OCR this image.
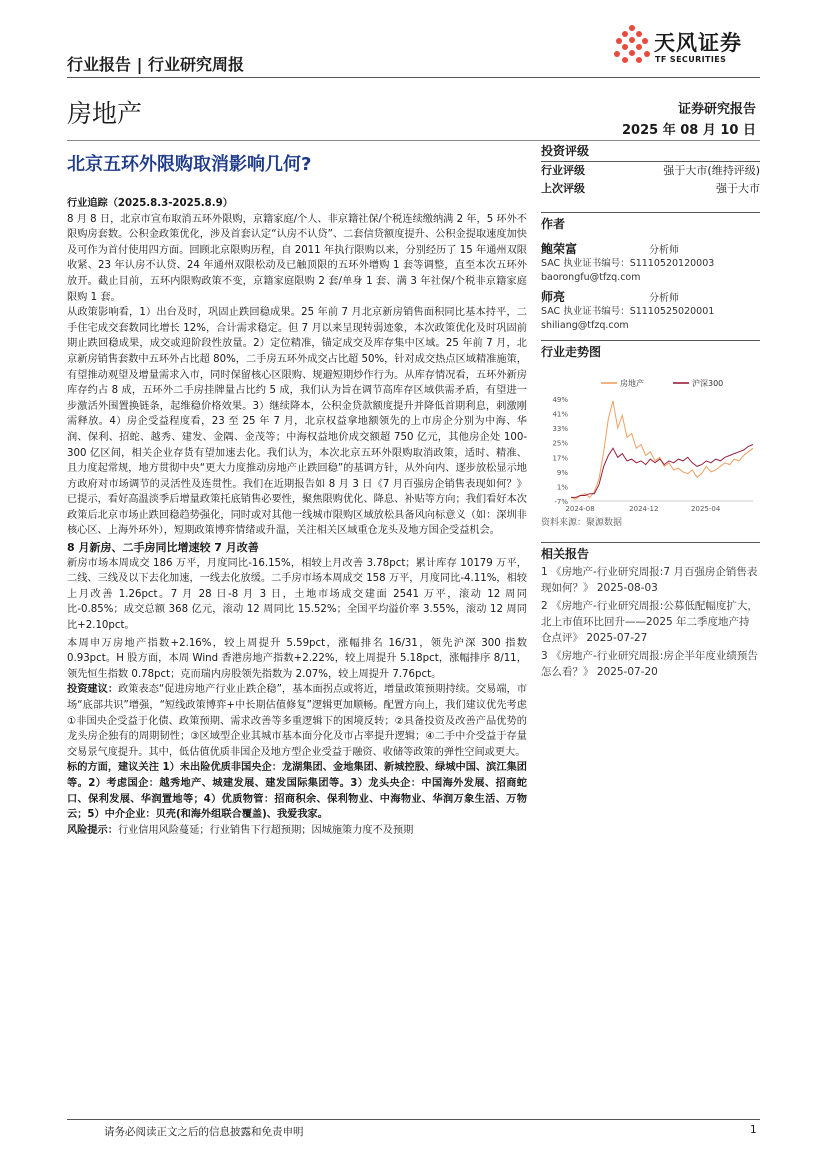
行业报告 | 行业研究周报
天风证券
TF SECURITIES
房地产	证券研究报告
2025 年 08 月 10 日
北京五环外限购取消影响几何?

行业追踪（2025.8.3-2025.8.9）

8 月 8 日，北京市宣布取消五环外限购，京籍家庭/个人、非京籍社保/个税连续缴纳满 2 年，5 环外不限购房套数。公积金政策优化，涉及首套认定“认房不认贷”、二套信贷额度提升、公积金提取速度加快及可作为首付使用四方面。回顾北京限购历程，自 2011 年执行限购以来，分别经历了 15 年通州双限收紧、23 年认房不认贷、24 年通州双限松动及已触顶限的五环外增购 1 套等调整，直至本次五环外放开。截止目前，五环内限购政策不变，京籍家庭限购 2 套/单身 1 套、满 3 年社保/个税非京籍家庭限购 1 套。

从政策影响看，1）出台及时，巩固止跌回稳成果。25 年前 7 月北京新房销售面积同比基本持平，二手住宅成交套数同比增长 12%，合计需求稳定。但 7 月以来呈现转弱迹象，本次政策优化及时巩固前期止跌回稳成果，成交或迎阶段性放量。2）定位精准，锚定成交及库存集中区域。25 年前 7 月，北京新房销售套数中五环外占比超 80%，二手房五环外成交占比超 50%，针对成交热点区域精准施策，有望推动观望及增量需求入市，同时保留核心区限购、规避短期炒作行为。从库存情况看，五环外新房库存约占 8 成，五环外二手房挂牌量占比约 5 成，我们认为旨在调节高库存区域供需矛盾，有望进一步激活外围置换链条，起维稳价格效果。3）继续降本，公积金贷款额度提升并降低首期利息，刺激刚需释放。4）房企受益程度看，23 至 25 年 7 月，北京权益拿地额领先的上市房企分别为中海、华润、保利、招蛇、越秀、建发、金隅、金茂等；中海权益地价成交额超 750 亿元，其他房企处 100-300 亿区间，相关企业存货有望加速去化。我们认为，本次北京五环外限购取消政策，适时、精准、且力度起常规，地方贯彻中央“更大力度推动房地产止跌回稳”的基调方针，从外向内、逐步放松显示地方政府对市场调节的灵活性及连贯性。我们在近期报告如 8 月 3 日《7 月百强房企销售表现如何？》已提示，看好高温淡季后增量政策托底销售必要性，聚焦限购优化、降息、补贴等方向；我们看好本次政策后北京市场止跌回稳趋势强化，同时或对其他一线城市限购区域放松具备风向标意义（如：深圳非核心区、上海外环外），短期政策博弈情绪或升温，关注相关区域重仓龙头及地方国企受益机会。

8 月新房、二手房同比增速较 7 月改善

新房市场本周成交 186 万平，月度同比-16.15%，相较上月改善 3.78pct；累计库存 10179 万平，二线、三线及以下去化加速，一线去化放缓。二手房市场本周成交 158 万平，月度同比-4.11%，相较上月改善 1.26pct。7 月 28 日-8 月 3 日，土地市场成交建面 2541 万平，滚动 12 周同比-0.85%；成交总额 368 亿元，滚动 12 周同比 15.52%；全国平均溢价率 3.55%，滚动 12 周同比+2.10pct。

本周申万房地产指数+2.16%，较上周提升 5.59pct，涨幅排名 16/31，领先沪深 300 指数 0.93pct。H 股方面，本周 Wind 香港房地产指数+2.22%，较上周提升 5.18pct，涨幅排序 8/11，领先恒生指数 0.78pct；克而瑞内房股领先指数为 2.07%，较上周提升 7.76pct。

投资建议：政策表态“促进房地产行业止跌企稳”，基本面拐点或将近，增量政策预期持续。交易端，市场“底部共识”增强，“短线政策博弈+中长期估值修复”逻辑更加顺畅。配置方向上，我们建议优先考虑①非国央企受益于化债、政策预期、需求改善等多重逻辑下的困境反转；②具备投资及改善产品优势的龙头房企独有的周期韧性；③区域型企业其城市基本面分化及市占率提升逻辑；④二手中介受益于存量交易景气度提升。其中，低估值优质非国企及地方型企业受益于融资、收储等政策的弹性空间或更大。

标的方面，建议关注 1）未出险优质非国央企：龙湖集团、金地集团、新城控股、绿城中国、滨江集团等。2）考虑国企：越秀地产、城建发展、建发国际集团等。3）龙头央企：中国海外发展、招商蛇口、保利发展、华润置地等；4）优质物管：招商积余、保利物业、中海物业、华润万象生活、万物云；5）中介企业：贝壳(和海外组联合覆盖)、我爱我家。

风险提示：行业信用风险蔓延；行业销售下行超预期；因城施策力度不及预期

投资评级
行业评级	强于大市(维持评级)
上次评级	强于大市
作者
鲍荣富	分析师
SAC 执业证书编号：S1110520120003
baorongfu@tfzq.com
师亮	分析师
SAC 执业证书编号：S1110525020001
shiliang@tfzq.com
行业走势图
房地产	沪深300
-7%
1%
9%
17%
25%
33%
41%
49%
2024-08	2024-12	2025-04
资料来源：聚源数据
相关报告
1 《房地产-行业研究周报:7 月百强房企销售表现如何？》 2025-08-03
2 《房地产-行业研究周报:公募低配幅度扩大，北上市值环比回升——2025 年二季度地产持仓点评》 2025-07-27
3 《房地产-行业研究周报:房企半年度业绩预告怎么看？》 2025-07-20
请务必阅读正文之后的信息披露和免责申明	1
